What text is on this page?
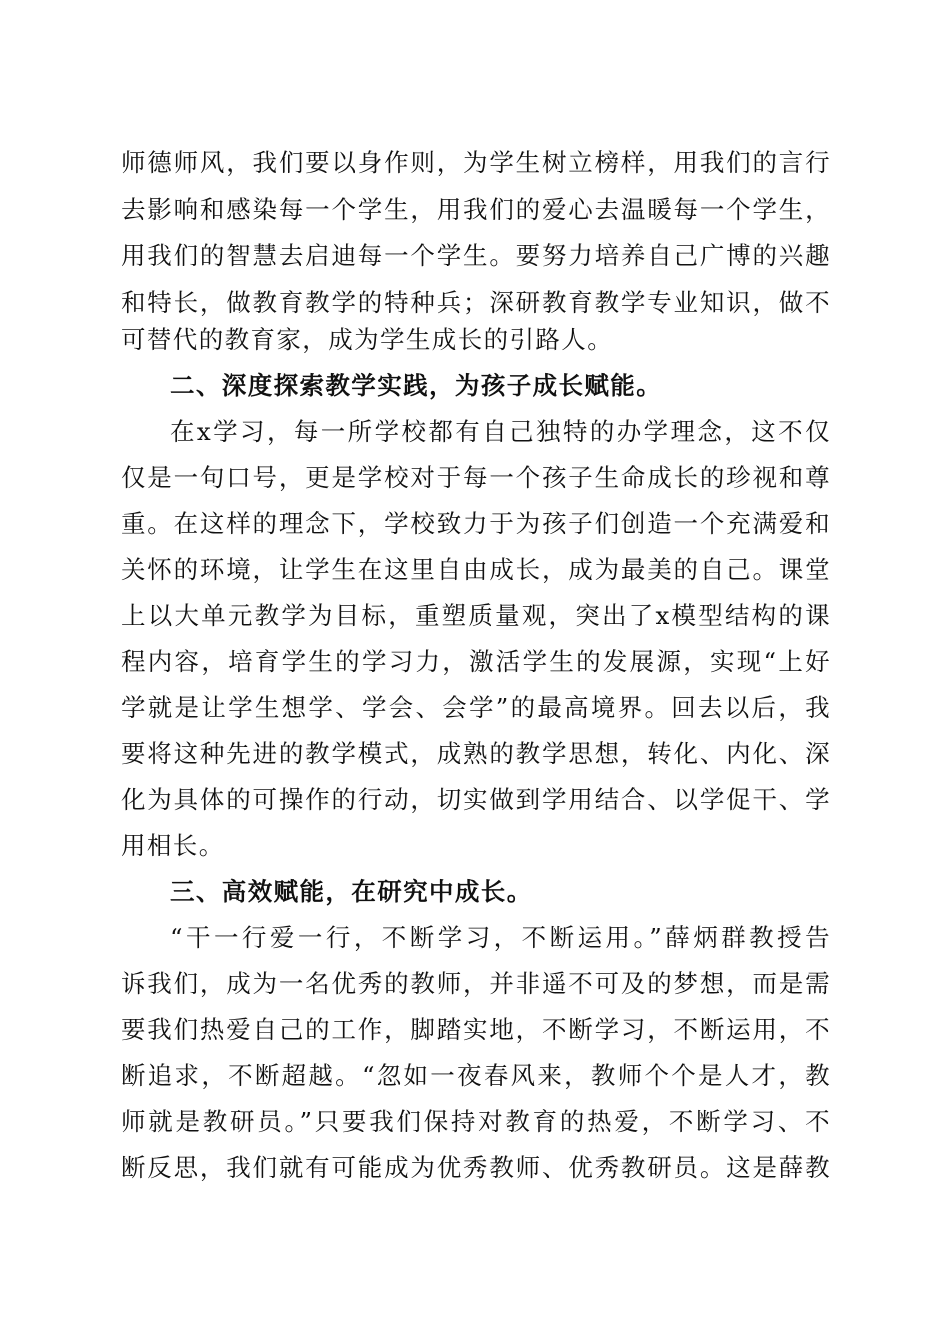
师德师风，我们要以身作则，为学生树立榜样，用我们的言行
去影响和感染每一个学生，用我们的爱心去温暖每一个学生，
用我们的智慧去启迪每一个学生。要努力培养自己广博的兴趣
和特长，做教育教学的特种兵；深研教育教学专业知识，做不
可替代的教育家，成为学生成长的引路人。
二、深度探索教学实践，为孩子成长赋能。
在x学习，每一所学校都有自己独特的办学理念，这不仅
仅是一句口号，更是学校对于每一个孩子生命成长的珍视和尊
重。在这样的理念下，学校致力于为孩子们创造一个充满爱和
关怀的环境，让学生在这里自由成长，成为最美的自己。课堂
上以大单元教学为目标，重塑质量观，突出了x模型结构的课
程内容，培育学生的学习力，激活学生的发展源，实现“上好
学就是让学生想学、学会、会学”的最高境界。回去以后，我
要将这种先进的教学模式，成熟的教学思想，转化、内化、深
化为具体的可操作的行动，切实做到学用结合、以学促干、学
用相长。
三、高效赋能，在研究中成长。
“干一行爱一行，不断学习，不断运用。”薛炳群教授告
诉我们，成为一名优秀的教师，并非遥不可及的梦想，而是需
要我们热爱自己的工作，脚踏实地，不断学习，不断运用，不
断追求，不断超越。“忽如一夜春风来，教师个个是人才，教
师就是教研员。”只要我们保持对教育的热爱，不断学习、不
断反思，我们就有可能成为优秀教师、优秀教研员。这是薛教
